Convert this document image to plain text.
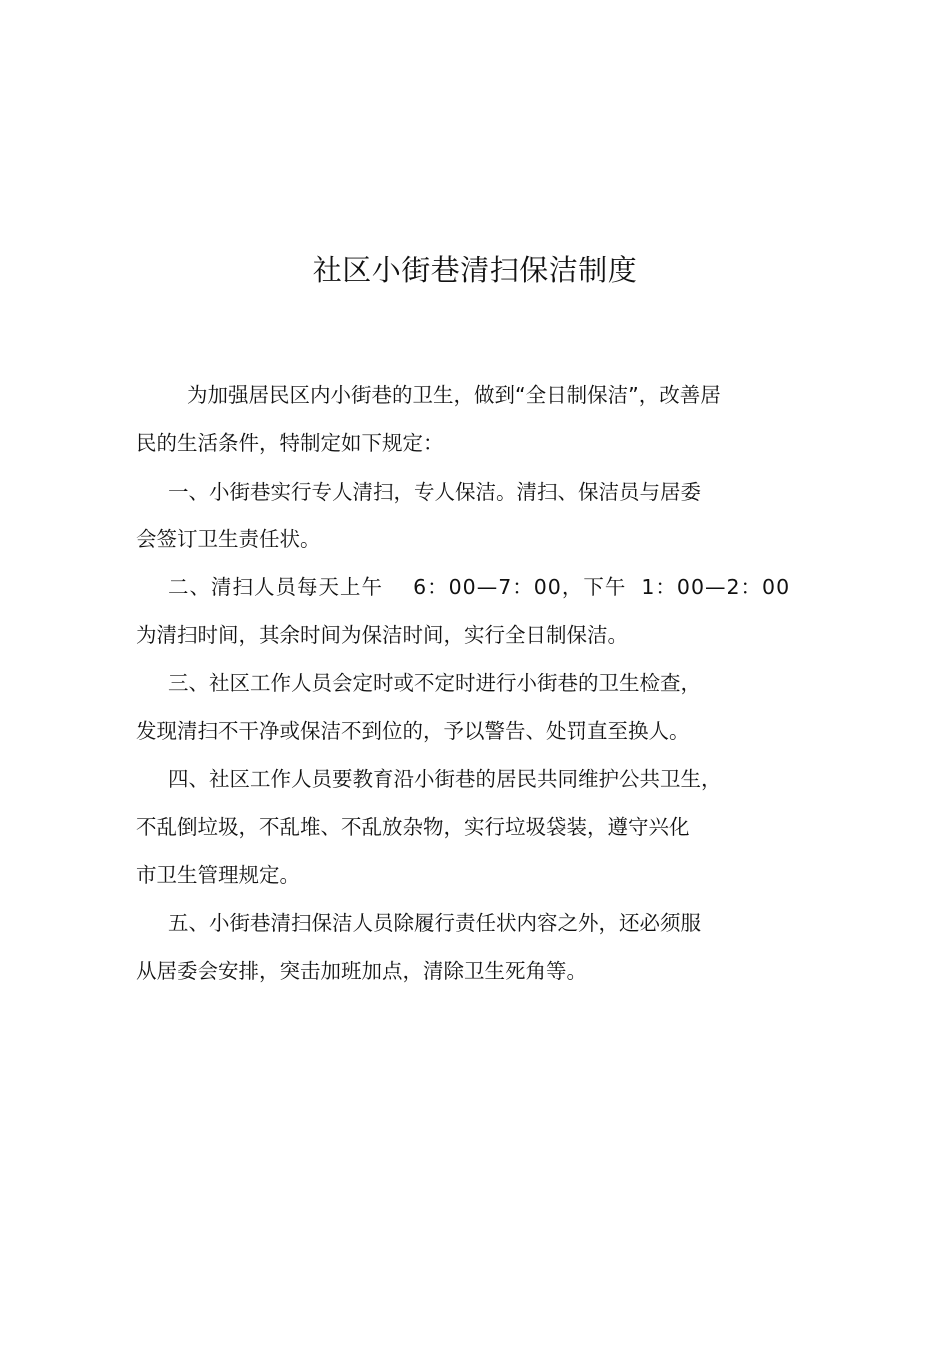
社区小街巷清扫保洁制度
为加强居民区内小街巷的卫生，做到“全日制保洁”，改善居
民的生活条件，特制定如下规定：
一、小街巷实行专人清扫，专人保洁。清扫、保洁员与居委
会签订卫生责任状。
二、清扫人员每天上午    6：00—7：00，下午  1：00—2：00
为清扫时间，其余时间为保洁时间，实行全日制保洁。
三、社区工作人员会定时或不定时进行小街巷的卫生检查，
发现清扫不干净或保洁不到位的，予以警告、处罚直至换人。
四、社区工作人员要教育沿小街巷的居民共同维护公共卫生，
不乱倒垃圾，不乱堆、不乱放杂物，实行垃圾袋装，遵守兴化
市卫生管理规定。
五、小街巷清扫保洁人员除履行责任状内容之外，还必须服
从居委会安排，突击加班加点，清除卫生死角等。
